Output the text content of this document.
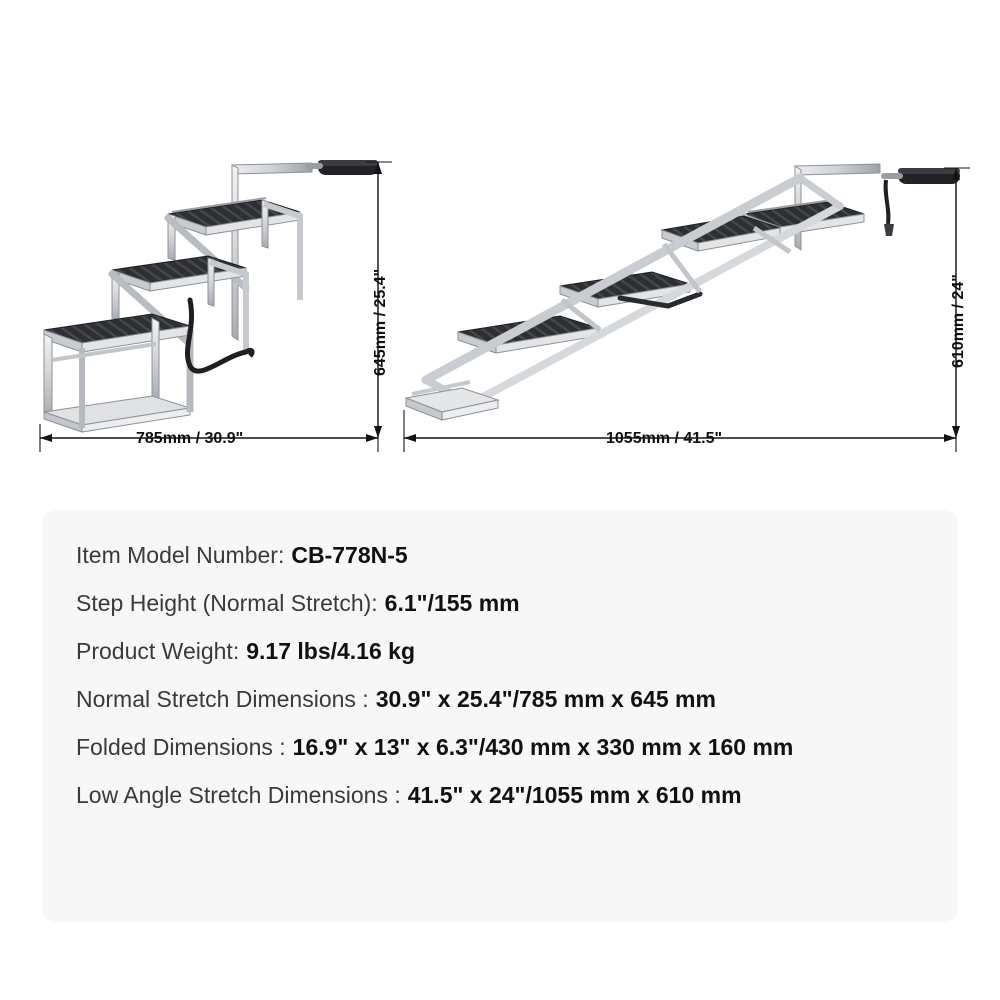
785mm / 30.9"
645mm / 25.4"
1055mm / 41.5"
610mm / 24"
Item Model Number: CB-778N-5
Step Height (Normal Stretch): 6.1"/155 mm
Product Weight: 9.17 lbs/4.16 kg
Normal Stretch Dimensions : 30.9" x 25.4"/785 mm x 645 mm
Folded Dimensions : 16.9" x 13" x 6.3"/430 mm x 330 mm x 160 mm
Low Angle Stretch Dimensions : 41.5" x 24"/1055 mm x 610 mm
